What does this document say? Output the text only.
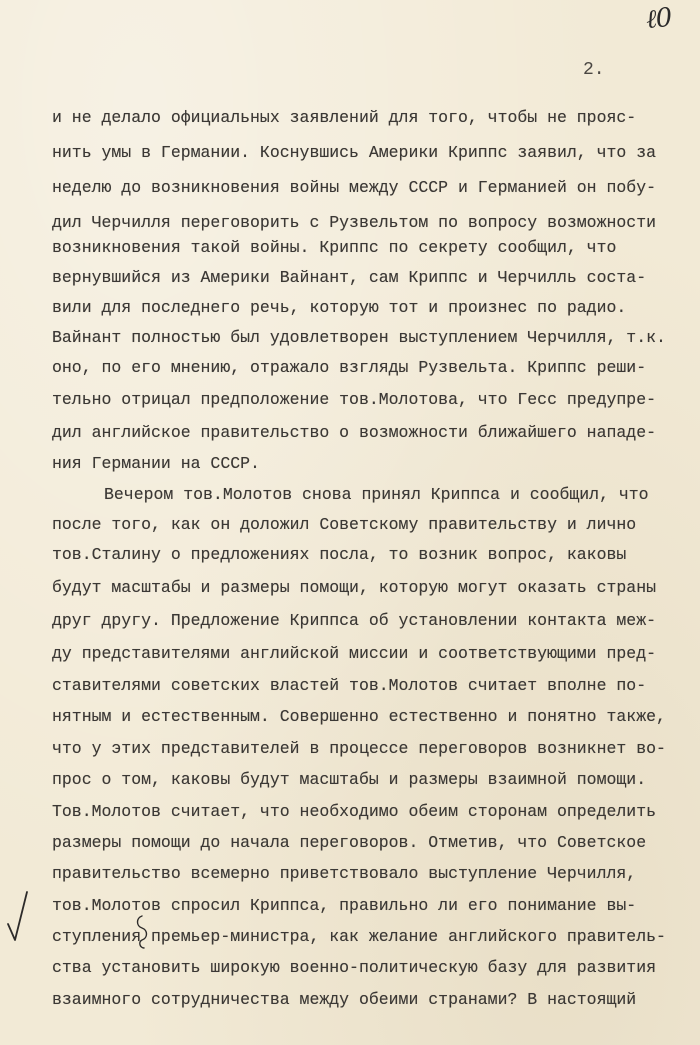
ℓ0
2.
и не делало официальных заявлений для того, чтобы не прояс-
нить умы в Германии. Коснувшись Америки Криппс заявил, что за
неделю до возникновения войны между СССР и Германией он побу-
дил Черчилля переговорить с Рузвельтом по вопросу возможности
возникновения такой войны. Криппс по секрету сообщил, что
вернувшийся из Америки Вайнант, сам Криппс и Черчилль соста-
вили для последнего речь, которую тот и произнес по радио.
Вайнант полностью был удовлетворен выступлением Черчилля, т.к.
оно, по его мнению, отражало взгляды Рузвельта. Криппс реши-
тельно отрицал предположение тов.Молотова, что Гесс предупре-
дил английское правительство о возможности ближайшего нападе-
ния Германии на СССР.
Вечером тов.Молотов снова принял Криппса и сообщил, что
после того, как он доложил Советскому правительству и лично
тов.Сталину о предложениях посла, то возник вопрос, каковы
будут масштабы и размеры помощи, которую могут оказать страны
друг другу. Предложение Криппса об установлении контакта меж-
ду представителями английской миссии и соответствующими пред-
ставителями советских властей тов.Молотов считает вполне по-
нятным и естественным. Совершенно естественно и понятно также,
что у этих представителей в процессе переговоров возникнет во-
прос о том, каковы будут масштабы и размеры взаимной помощи.
Тов.Молотов считает, что необходимо обеим сторонам определить
размеры помощи до начала переговоров. Отметив, что Советское
правительство всемерно приветствовало выступление Черчилля,
тов.Молотов спросил Криппса, правильно ли его понимание вы-
ступления премьер-министра, как желание английского правитель-
ства установить широкую военно-политическую базу для развития
взаимного сотрудничества между обеими странами? В настоящий
